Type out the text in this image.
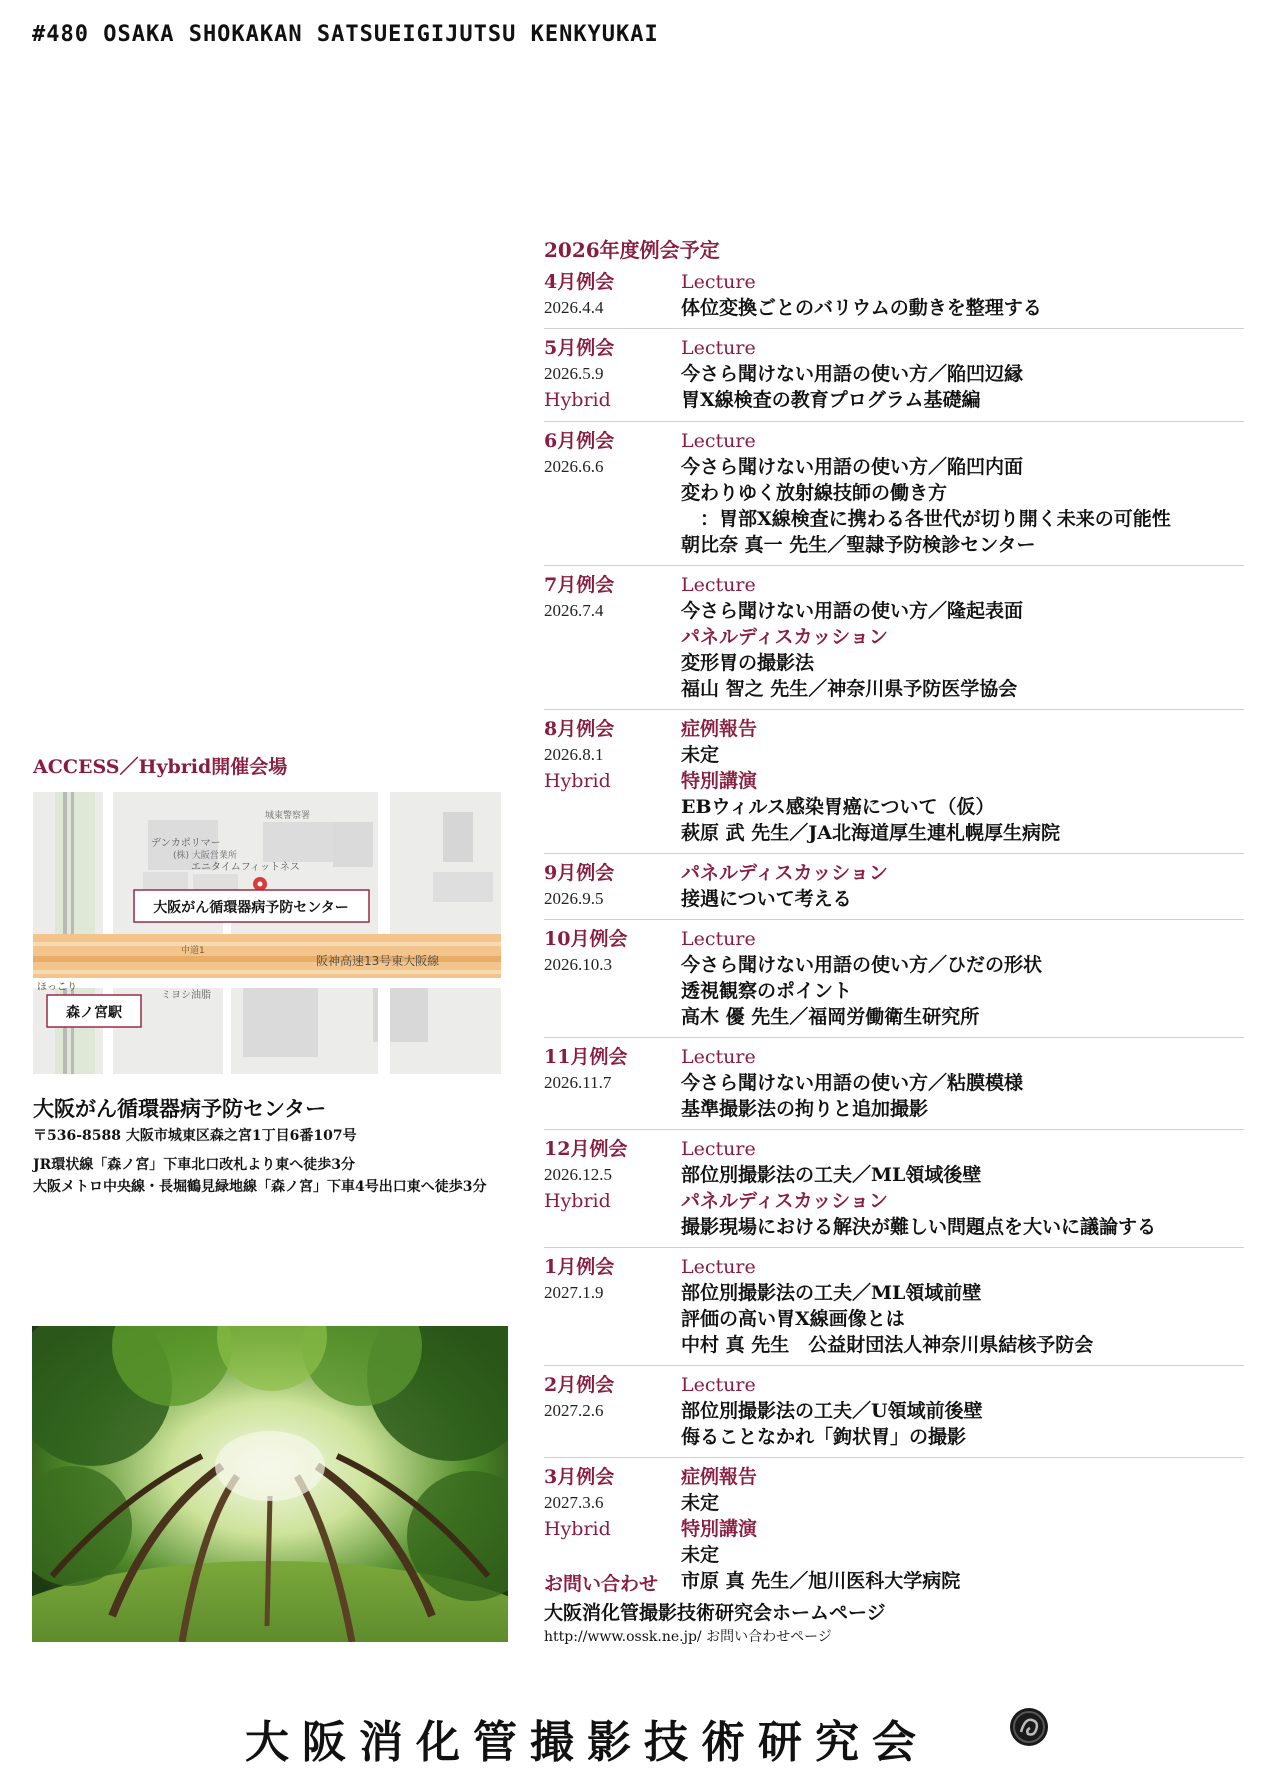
#480 OSAKA SHOKAKAN SATSUEIGIJUTSU KENKYUKAI
2026年度例会予定
4月例会
2026.4.4
Lecture
体位変換ごとのバリウムの動きを整理する
5月例会
2026.5.9
Hybrid
Lecture
今さら聞けない用語の使い方／陥凹辺縁
胃X線検査の教育プログラム基礎編
6月例会
2026.6.6
Lecture
今さら聞けない用語の使い方／陥凹内面
変わりゆく放射線技師の働き方
　：胃部X線検査に携わる各世代が切り開く未来の可能性
朝比奈 真一 先生／聖隷予防検診センター
7月例会
2026.7.4
Lecture
今さら聞けない用語の使い方／隆起表面
パネルディスカッション
変形胃の撮影法
福山 智之 先生／神奈川県予防医学協会
8月例会
2026.8.1
Hybrid
症例報告
未定
特別講演
EBウィルス感染胃癌について（仮）
萩原 武 先生／JA北海道厚生連札幌厚生病院
9月例会
2026.9.5
パネルディスカッション
接遇について考える
10月例会
2026.10.3
Lecture
今さら聞けない用語の使い方／ひだの形状
透視観察のポイント
高木 優 先生／福岡労働衛生研究所
11月例会
2026.11.7
Lecture
今さら聞けない用語の使い方／粘膜模様
基準撮影法の拘りと追加撮影
12月例会
2026.12.5
Hybrid
Lecture
部位別撮影法の工夫／ML領域後壁
パネルディスカッション
撮影現場における解決が難しい問題点を大いに議論する
1月例会
2027.1.9
Lecture
部位別撮影法の工夫／ML領域前壁
評価の高い胃X線画像とは
中村 真 先生　公益財団法人神奈川県結核予防会
2月例会
2027.2.6
Lecture
部位別撮影法の工夫／U領域前後壁
侮ることなかれ「鉤状胃」の撮影
3月例会
2027.3.6
Hybrid
症例報告
未定
特別講演
未定
市原 真 先生／旭川医科大学病院
ACCESS／Hybrid開催会場
デンカポリマー
(株) 大阪営業所
エニタイムフィットネス
城東警察署
中道1
阪神高速13号東大阪線
ほっこり
ミヨシ油脂
大阪がん循環器病予防センター
森ノ宮駅
大阪がん循環器病予防センター
〒536-8588 大阪市城東区森之宮1丁目6番107号
JR環状線「森ノ宮」下車北口改札より東へ徒歩3分
大阪メトロ中央線・長堀鶴見緑地線「森ノ宮」下車4号出口東へ徒歩3分
お問い合わせ
大阪消化管撮影技術研究会ホームページ
http://www.ossk.ne.jp/ お問い合わせページ
大阪消化管撮影技術研究会
